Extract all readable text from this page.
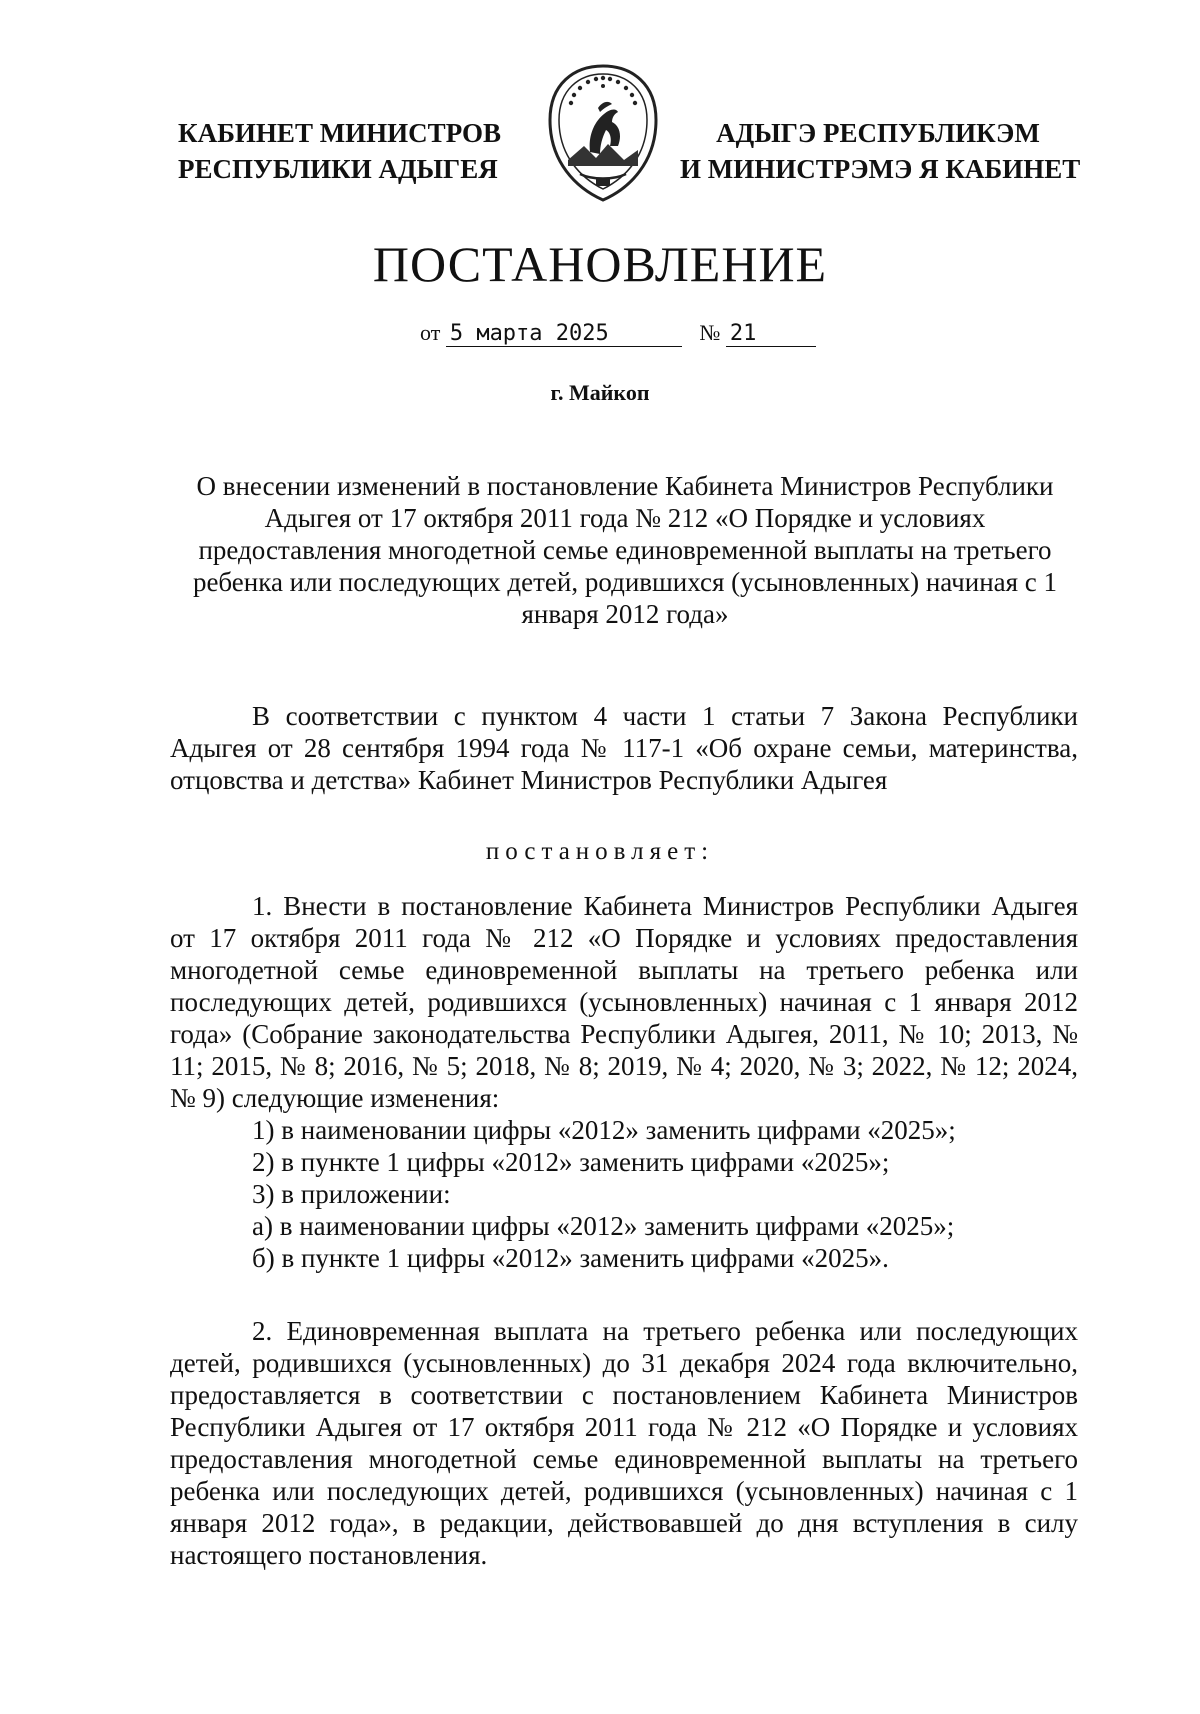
КАБИНЕТ МИНИСТРОВ
РЕСПУБЛИКИ АДЫГЕЯ
АДЫГЭ РЕСПУБЛИКЭМ
И МИНИСТРЭМЭ Я КАБИНЕТ
ПОСТАНОВЛЕНИЕ
от 5 марта 2025	№ 21
г. Майкоп
О внесении изменений в постановление Кабинета Министров Республики Адыгея от 17 октября 2011 года № 212 «О Порядке и условиях предоставления многодетной семье единовременной выплаты на третьего ребенка или последующих детей, родившихся (усыновленных) начиная с 1 января 2012 года»

В соответствии с пунктом 4 части 1 статьи 7 Закона Республики Адыгея от 28 сентября 1994 года № 117-1 «Об охране семьи, материнства, отцовства и детства» Кабинет Министров Республики Адыгея

постановляет:

1. Внести в постановление Кабинета Министров Республики Адыгея от 17 октября 2011 года № 212 «О Порядке и условиях предоставления многодетной семье единовременной выплаты на третьего ребенка или последующих детей, родившихся (усыновленных) начиная с 1 января 2012 года» (Собрание законодательства Республики Адыгея, 2011, № 10; 2013, № 11; 2015, № 8; 2016, № 5; 2018, № 8; 2019, № 4; 2020, № 3; 2022, № 12; 2024, № 9) следующие изменения:

1) в наименовании цифры «2012» заменить цифрами «2025»;

2) в пункте 1 цифры «2012» заменить цифрами «2025»;

3) в приложении:

а) в наименовании цифры «2012» заменить цифрами «2025»;

б) в пункте 1 цифры «2012» заменить цифрами «2025».

2. Единовременная выплата на третьего ребенка или последующих детей, родившихся (усыновленных) до 31 декабря 2024 года включительно, предоставляется в соответствии с постановлением Кабинета Министров Республики Адыгея от 17 октября 2011 года № 212 «О Порядке и условиях предоставления многодетной семье единовременной выплаты на третьего ребенка или последующих детей, родившихся (усыновленных) начиная с 1 января 2012 года», в редакции, действовавшей до дня вступления в силу настоящего постановления.
